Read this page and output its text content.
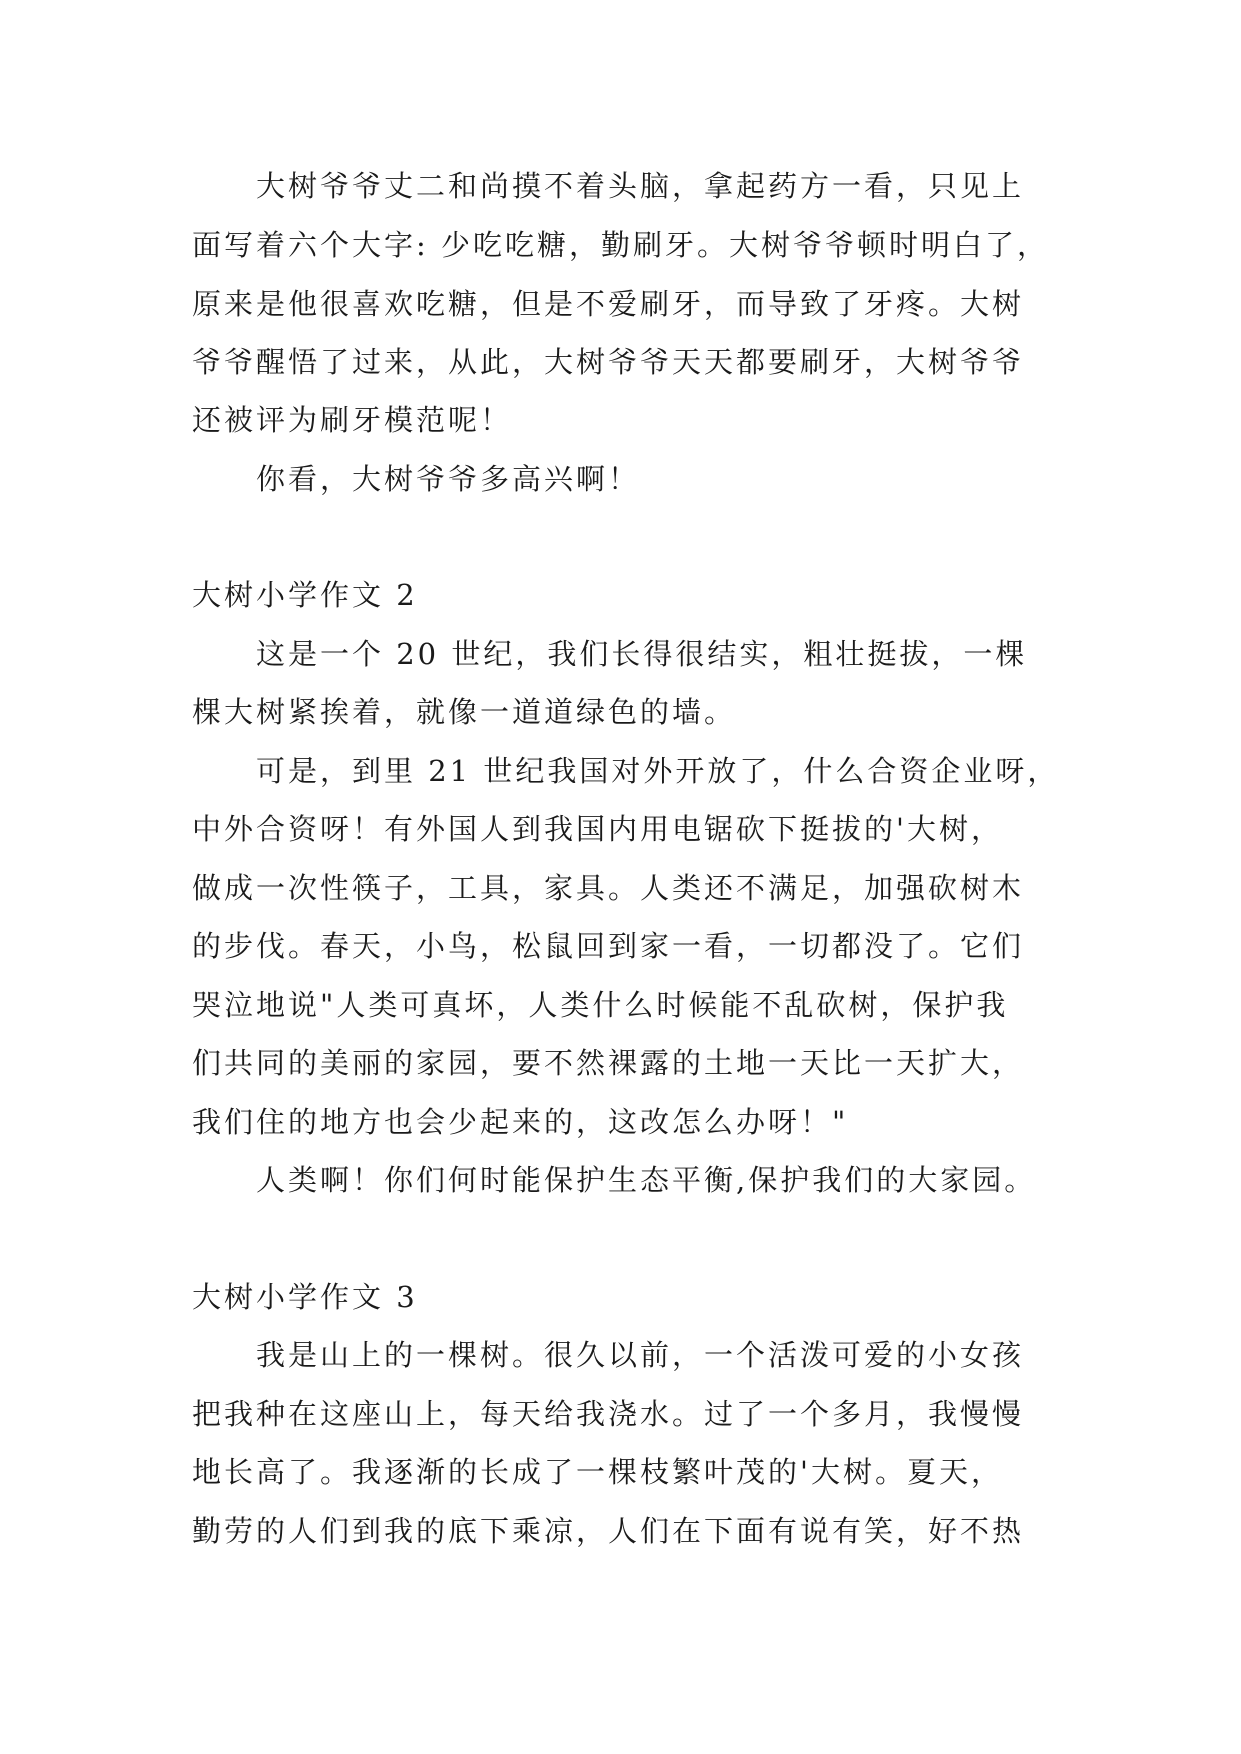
大树爷爷丈二和尚摸不着头脑，拿起药方一看，只见上
面写着六个大字: 少吃吃糖，勤刷牙。大树爷爷顿时明白了，
原来是他很喜欢吃糖，但是不爱刷牙，而导致了牙疼。大树
爷爷醒悟了过来，从此，大树爷爷天天都要刷牙，大树爷爷
还被评为刷牙模范呢！
你看，大树爷爷多高兴啊！
大树小学作文 2
这是一个 20 世纪，我们长得很结实，粗壮挺拔，一棵
棵大树紧挨着，就像一道道绿色的墙。
可是，到里 21 世纪我国对外开放了，什么合资企业呀，
中外合资呀！有外国人到我国内用电锯砍下挺拔的'大树，
做成一次性筷子，工具，家具。人类还不满足，加强砍树木
的步伐。春天，小鸟，松鼠回到家一看，一切都没了。它们
哭泣地说"人类可真坏，人类什么时候能不乱砍树，保护我
们共同的美丽的家园，要不然裸露的土地一天比一天扩大，
我们住的地方也会少起来的，这改怎么办呀！"
人类啊！你们何时能保护生态平衡,保护我们的大家园。
大树小学作文 3
我是山上的一棵树。很久以前，一个活泼可爱的小女孩
把我种在这座山上，每天给我浇水。过了一个多月，我慢慢
地长高了。我逐渐的长成了一棵枝繁叶茂的'大树。夏天，
勤劳的人们到我的底下乘凉，人们在下面有说有笑，好不热
